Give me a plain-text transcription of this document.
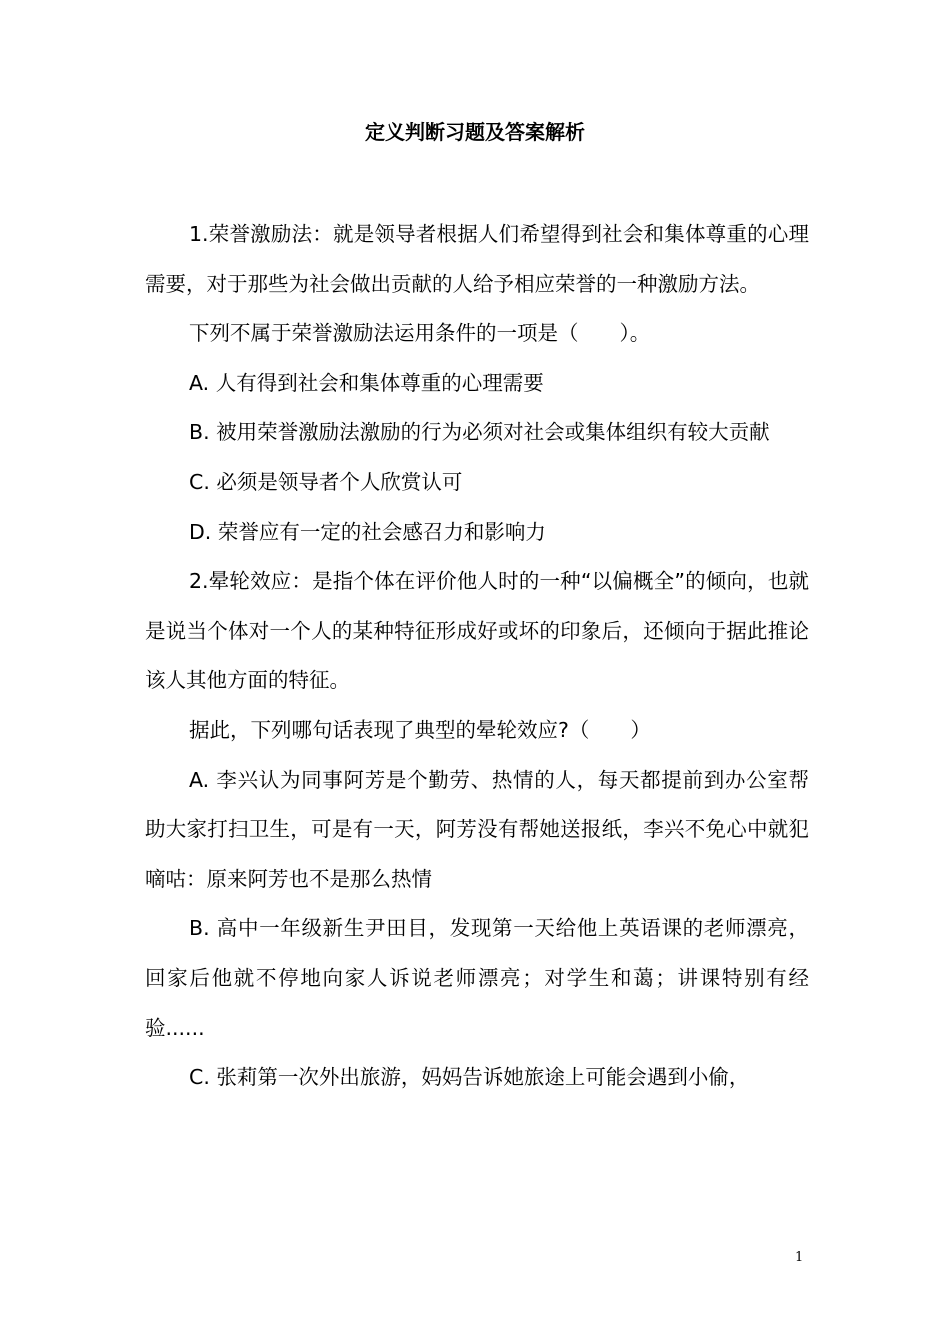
定义判断习题及答案解析

1.荣誉激励法：就是领导者根据人们希望得到社会和集体尊重的心理需要，对于那些为社会做出贡献的人给予相应荣誉的一种激励方法。

下列不属于荣誉激励法运用条件的一项是（　　）。

A. 人有得到社会和集体尊重的心理需要

B. 被用荣誉激励法激励的行为必须对社会或集体组织有较大贡献

C. 必须是领导者个人欣赏认可

D. 荣誉应有一定的社会感召力和影响力

2.晕轮效应：是指个体在评价他人时的一种“以偏概全”的倾向，也就是说当个体对一个人的某种特征形成好或坏的印象后，还倾向于据此推论该人其他方面的特征。

据此，下列哪句话表现了典型的晕轮效应?（　　）

A. 李兴认为同事阿芳是个勤劳、热情的人，每天都提前到办公室帮助大家打扫卫生，可是有一天，阿芳没有帮她送报纸，李兴不免心中就犯嘀咕：原来阿芳也不是那么热情

B. 高中一年级新生尹田目，发现第一天给他上英语课的老师漂亮，回家后他就不停地向家人诉说老师漂亮；对学生和蔼；讲课特别有经验......

C. 张莉第一次外出旅游，妈妈告诉她旅途上可能会遇到小偷，

1
